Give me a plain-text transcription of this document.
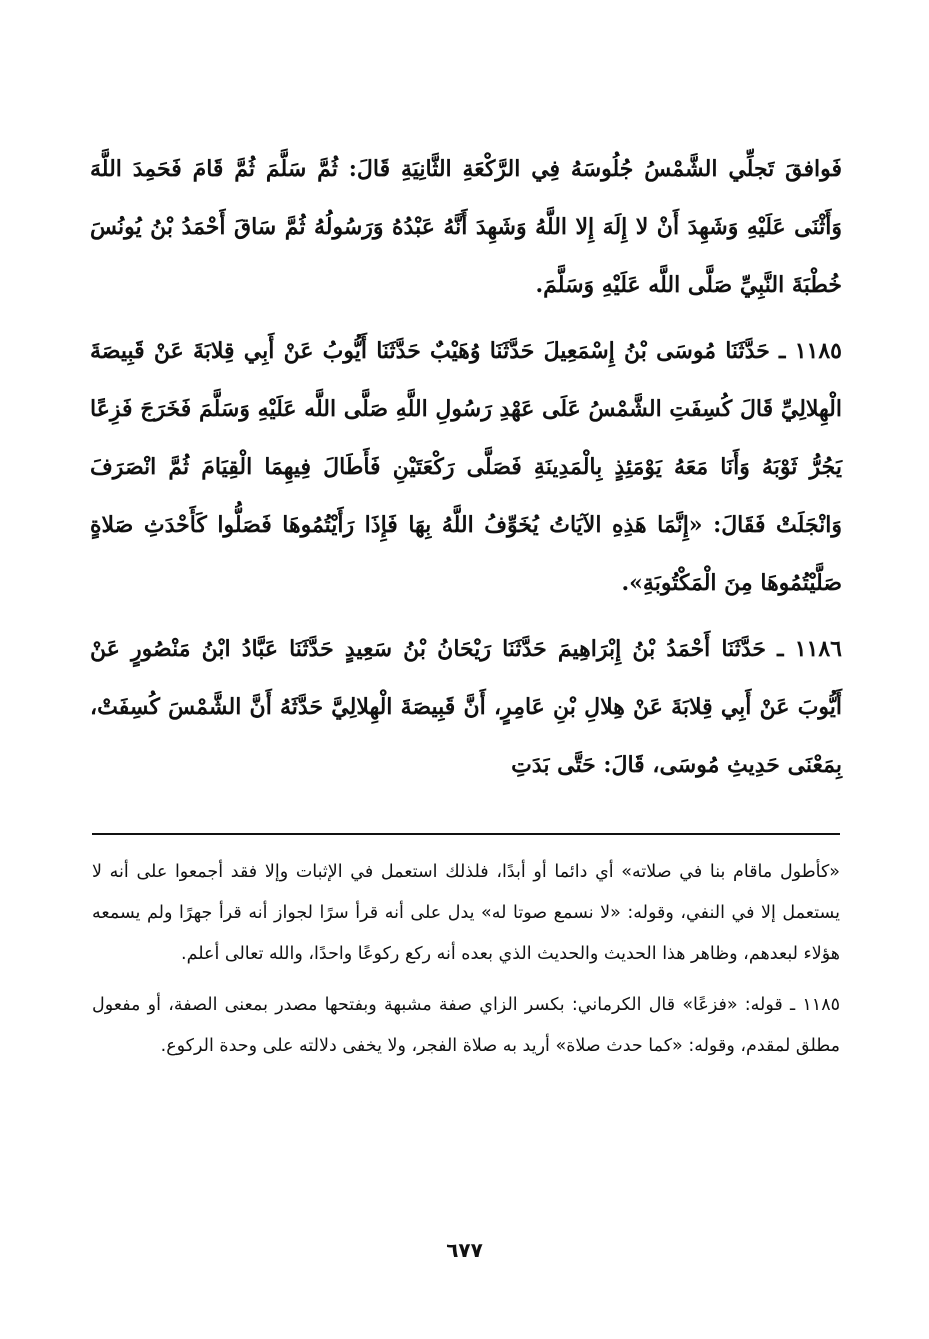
فَوافقَ تَجلِّي الشَّمْسُ جُلُوسَهُ فِي الرَّكْعَةِ الثَّانِيَةِ قَالَ: ثُمَّ سَلَّمَ ثُمَّ قَامَ فَحَمِدَ اللَّهَ وَأَثْنَى عَلَيْهِ وَشَهِدَ أَنْ لا إِلَهَ إِلا اللَّهُ وَشَهِدَ أَنَّهُ عَبْدُهُ وَرَسُولُهُ ثُمَّ سَاقَ أَحْمَدُ بْنُ يُونُسَ خُطْبَةَ النَّبِيِّ صَلَّى اللَّه عَلَيْهِ وَسَلَّمَ.

١١٨٥ ـ حَدَّثَنَا مُوسَى بْنُ إِسْمَعِيلَ حَدَّثَنَا وُهَيْبٌ حَدَّثَنَا أَيُّوبُ عَنْ أَبِي قِلابَةَ عَنْ قَبِيصَةَ الْهِلالِيِّ قَالَ كُسِفَتِ الشَّمْسُ عَلَى عَهْدِ رَسُولِ اللَّهِ صَلَّى اللَّه عَلَيْهِ وَسَلَّمَ فَخَرَجَ فَزِعًا يَجُرُّ ثَوْبَهُ وَأَنَا مَعَهُ يَوْمَئِذٍ بِالْمَدِينَةِ فَصَلَّى رَكْعَتَيْنِ فَأَطَالَ فِيهِمَا الْقِيَامَ ثُمَّ انْصَرَفَ وَانْجَلَتْ فَقَالَ: «إِنَّمَا هَذِهِ الآيَاتُ يُخَوِّفُ اللَّهُ بِهَا فَإِذَا رَأَيْتُمُوهَا فَصَلُّوا كَأَحْدَثِ صَلاةٍ صَلَّيْتُمُوهَا مِنَ الْمَكْتُوبَةِ».

١١٨٦ ـ حَدَّثَنَا أَحْمَدُ بْنُ إِبْرَاهِيمَ حَدَّثَنَا رَيْحَانُ بْنُ سَعِيدٍ حَدَّثَنَا عَبَّادُ ابْنُ مَنْصُورٍ عَنْ أَيُّوبَ عَنْ أَبِي قِلابَةَ عَنْ هِلالِ بْنِ عَامِرٍ، أَنَّ قَبِيصَةَ الْهِلالِيَّ حَدَّثَهُ أَنَّ الشَّمْسَ كُسِفَتْ، بِمَعْنَى حَدِيثِ مُوسَى، قَالَ: حَتَّى بَدَتِ

«كأطول ماقام بنا في صلاته» أي دائما أو أبدًا، فلذلك استعمل في الإثبات وإلا فقد أجمعوا على أنه لا يستعمل إلا في النفي، وقوله: «لا نسمع صوتا له» يدل على أنه قرأ سرًا لجواز أنه قرأ جهرًا ولم يسمعه هؤلاء لبعدهم، وظاهر هذا الحديث والحديث الذي بعده أنه ركع ركوعًا واحدًا، والله تعالى أعلم.

١١٨٥ ـ قوله: «فزعًا» قال الكرماني: بكسر الزاي صفة مشبهة وبفتحها مصدر بمعنى الصفة، أو مفعول مطلق لمقدم، وقوله: «كما حدث صلاة» أريد به صلاة الفجر، ولا يخفى دلالته على وحدة الركوع.

٦٧٧
